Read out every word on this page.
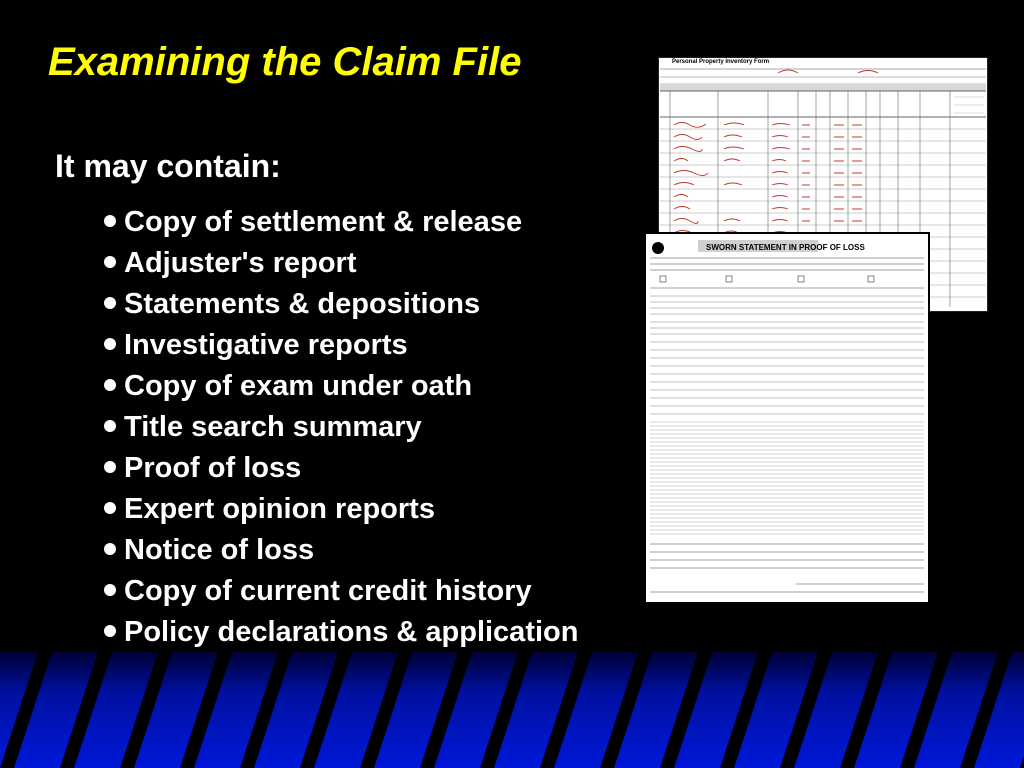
Examining the Claim File
It may contain:
Copy of settlement & release
Adjuster's report
Statements & depositions
Investigative reports
Copy of exam under oath
Title search summary
Proof of loss
Expert opinion reports
Notice of loss
Copy of current credit history
Policy declarations & application
Personal Property Inventory Form
SWORN STATEMENT IN PROOF OF LOSS
